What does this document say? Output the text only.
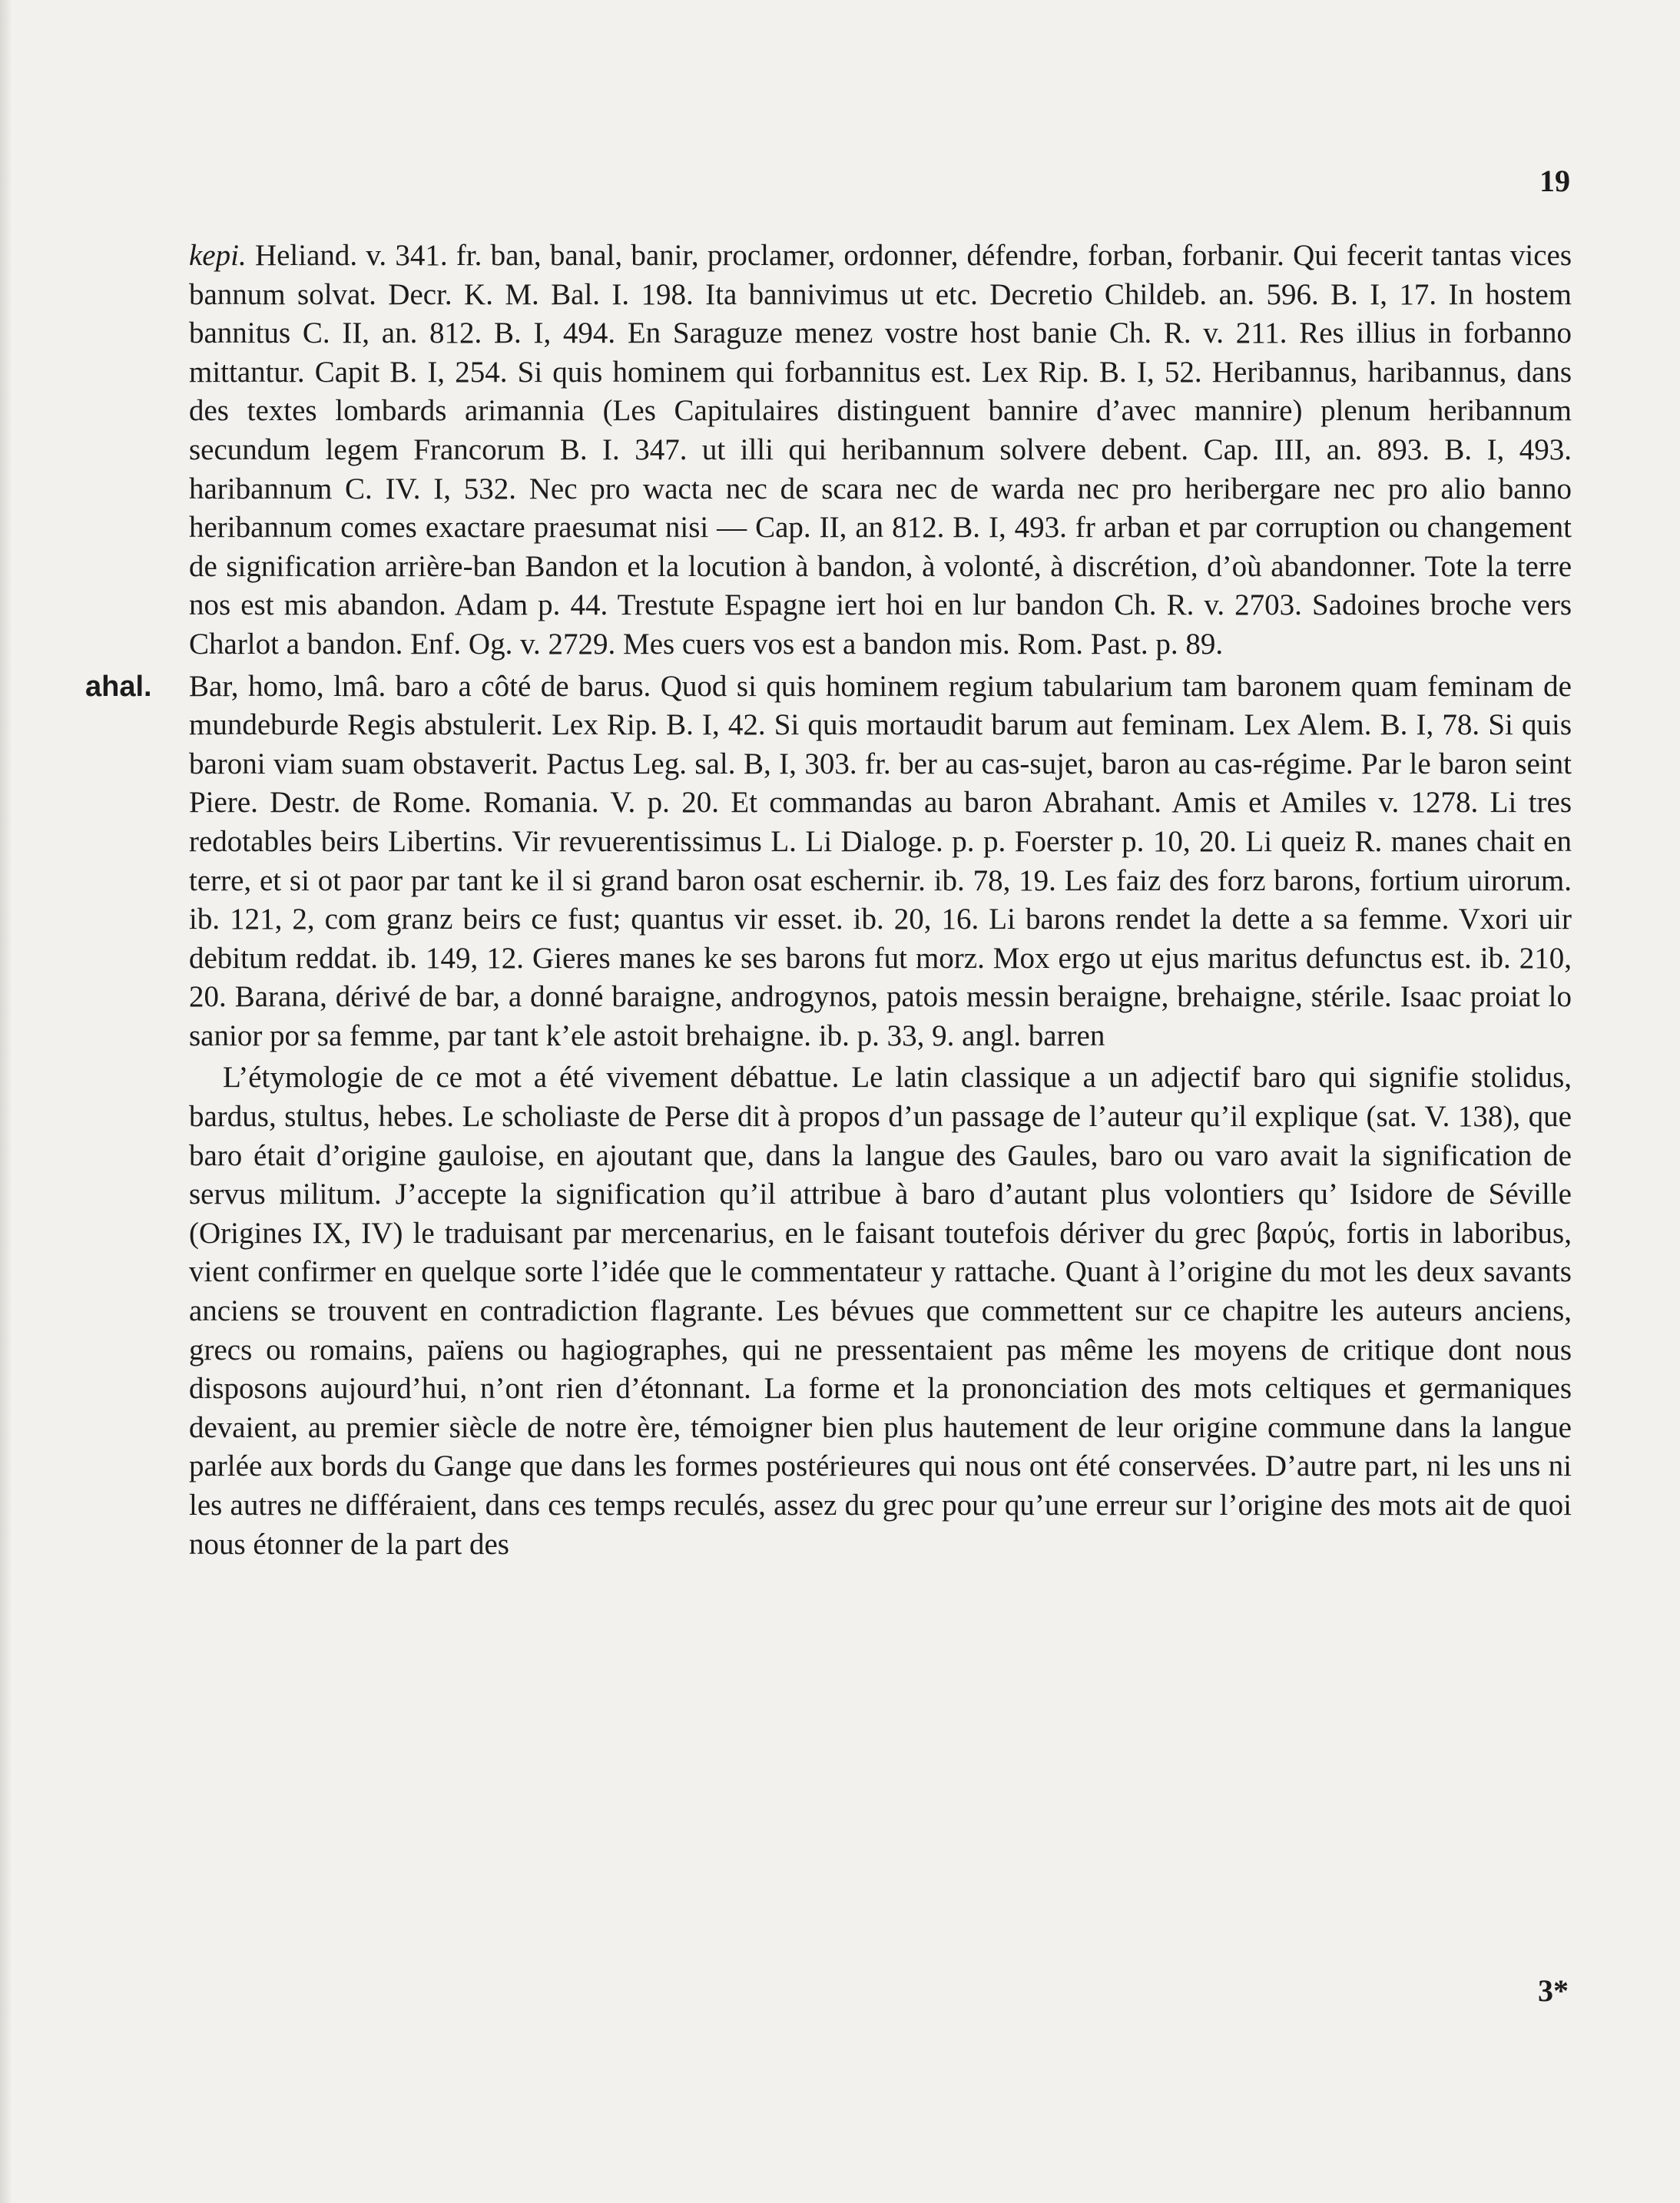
19

kepi. Heliand. v. 341. fr. ban, banal, banir, proclamer, ordonner, défendre, forban, forbanir. Qui fecerit tantas vices bannum solvat. Decr. K. M. Bal. I. 198. Ita bannivimus ut etc. Decretio Childeb. an. 596. B. I, 17. In hostem bannitus C. II, an. 812. B. I, 494. En Saraguze menez vostre host banie Ch. R. v. 211. Res illius in forbanno mittantur. Capit B. I, 254. Si quis hominem qui forbannitus est. Lex Rip. B. I, 52. Heribannus, haribannus, dans des textes lombards arimannia (Les Capitulaires distinguent bannire d’avec mannire) plenum heribannum secundum legem Francorum B. I. 347. ut illi qui heribannum solvere debent. Cap. III, an. 893. B. I, 493. haribannum C. IV. I, 532. Nec pro wacta nec de scara nec de warda nec pro heribergare nec pro alio banno heribannum comes exactare praesumat nisi — Cap. II, an 812. B. I, 493. fr arban et par corruption ou changement de signification arrière-ban Bandon et la locution à bandon, à volonté, à discrétion, d’où abandonner. Tote la terre nos est mis abandon. Adam p. 44. Trestute Espagne iert hoi en lur bandon Ch. R. v. 2703. Sadoines broche vers Charlot a bandon. Enf. Og. v. 2729. Mes cuers vos est a bandon mis. Rom. Past. p. 89.

ahal. Bar, homo, lmâ. baro a côté de barus. Quod si quis hominem regium tabularium tam baronem quam feminam de mundeburde Regis abstulerit. Lex Rip. B. I, 42. Si quis mortaudit barum aut feminam. Lex Alem. B. I, 78. Si quis baroni viam suam obstaverit. Pactus Leg. sal. B, I, 303. fr. ber au cas-sujet, baron au cas-régime. Par le baron seint Piere. Destr. de Rome. Romania. V. p. 20. Et commandas au baron Abrahant. Amis et Amiles v. 1278. Li tres redotables beirs Libertins. Vir revuerentissimus L. Li Dialoge. p. p. Foerster p. 10, 20. Li queiz R. manes chait en terre, et si ot paor par tant ke il si grand baron osat eschernir. ib. 78, 19. Les faiz des forz barons, fortium uirorum. ib. 121, 2, com granz beirs ce fust; quantus vir esset. ib. 20, 16. Li barons rendet la dette a sa femme. Vxori uir debitum reddat. ib. 149, 12. Gieres manes ke ses barons fut morz. Mox ergo ut ejus maritus defunctus est. ib. 210, 20. Barana, dérivé de bar, a donné baraigne, androgynos, patois messin beraigne, brehaigne, stérile. Isaac proiat lo sanior por sa femme, par tant k’ele astoit brehaigne. ib. p. 33, 9. angl. barren

L’étymologie de ce mot a été vivement débattue. Le latin classique a un adjectif baro qui signifie stolidus, bardus, stultus, hebes. Le scholiaste de Perse dit à propos d’un passage de l’auteur qu’il explique (sat. V. 138), que baro était d’origine gauloise, en ajoutant que, dans la langue des Gaules, baro ou varo avait la signification de servus militum. J’accepte la signification qu’il attribue à baro d’autant plus volontiers qu’ Isidore de Séville (Origines IX, IV) le traduisant par mercenarius, en le faisant toutefois dériver du grec βαρύς, fortis in laboribus, vient confirmer en quelque sorte l’idée que le commentateur y rattache. Quant à l’origine du mot les deux savants anciens se trouvent en contradiction flagrante. Les bévues que commettent sur ce chapitre les auteurs anciens, grecs ou romains, païens ou hagiographes, qui ne pressentaient pas même les moyens de critique dont nous disposons aujourd’hui, n’ont rien d’étonnant. La forme et la prononciation des mots celtiques et germaniques devaient, au premier siècle de notre ère, témoigner bien plus hautement de leur origine commune dans la langue parlée aux bords du Gange que dans les formes postérieures qui nous ont été conservées. D’autre part, ni les uns ni les autres ne différaient, dans ces temps reculés, assez du grec pour qu’une erreur sur l’origine des mots ait de quoi nous étonner de la part des

3*
